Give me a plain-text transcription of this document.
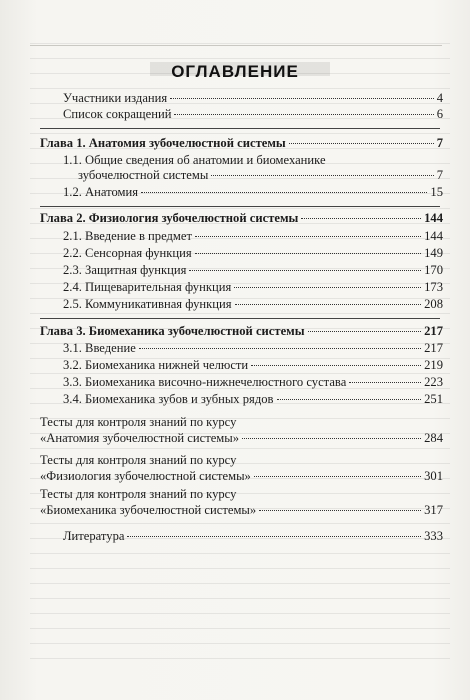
ОГЛАВЛЕНИЕ
Участники издания	4
Список сокращений	6
Глава 1. Анатомия зубочелюстной системы	7
1.1. Общие сведения об анатомии и биомеханике
зубочелюстной системы	7
1.2. Анатомия	15
Глава 2. Физиология зубочелюстной системы	144
2.1. Введение в предмет	144
2.2. Сенсорная функция	149
2.3. Защитная функция	170
2.4. Пищеварительная функция	173
2.5. Коммуникативная функция	208
Глава 3. Биомеханика зубочелюстной системы	217
3.1. Введение	217
3.2. Биомеханика нижней челюсти	219
3.3. Биомеханика височно-нижнечелюстного сустава	223
3.4. Биомеханика зубов и зубных рядов	251
Тесты для контроля знаний по курсу
«Анатомия зубочелюстной системы»	284
Тесты для контроля знаний по курсу
«Физиология зубочелюстной системы»	301
Тесты для контроля знаний по курсу
«Биомеханика зубочелюстной системы»	317
Литература	333
